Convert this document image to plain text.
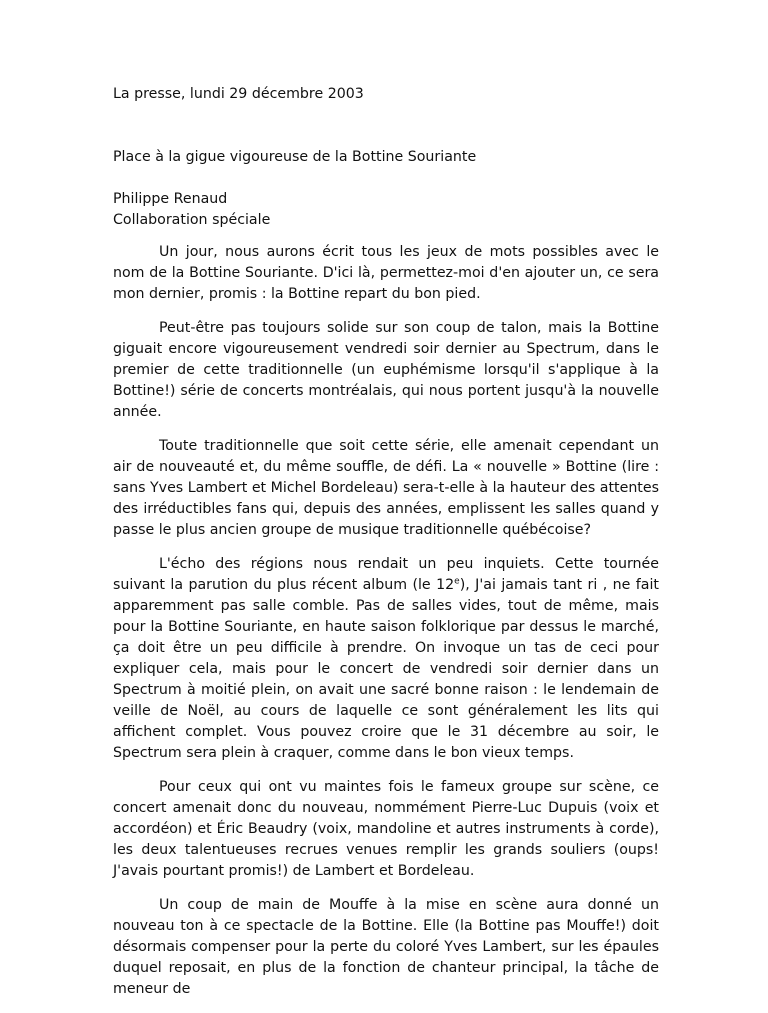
La presse, lundi 29 décembre 2003

Place à la gigue vigoureuse de la Bottine Souriante

Philippe Renaud

Collaboration spéciale

Un jour, nous aurons écrit tous les jeux de mots possibles avec le nom de la Bottine Souriante. D'ici là, permettez-moi d'en ajouter un, ce sera mon dernier, promis : la Bottine repart du bon pied.

Peut-être pas toujours solide sur son coup de talon, mais la Bottine giguait encore vigoureusement vendredi soir dernier au Spectrum, dans le premier de cette traditionnelle (un euphémisme lorsqu'il s'applique à la Bottine!) série de concerts montréalais, qui nous portent jusqu'à la nouvelle année.

Toute traditionnelle que soit cette série, elle amenait cependant un air de nouveauté et, du même souffle, de défi. La « nouvelle » Bottine (lire : sans Yves Lambert et Michel Bordeleau) sera-t-elle à la hauteur des attentes des irréductibles fans qui, depuis des années, emplissent les salles quand y passe le plus ancien groupe de musique traditionnelle québécoise?

L'écho des régions nous rendait un peu inquiets. Cette tournée suivant la parution du plus récent album (le 12e), J'ai jamais tant ri , ne fait apparemment pas salle comble. Pas de salles vides, tout de même, mais pour la Bottine Souriante, en haute saison folklorique par dessus le marché, ça doit être un peu difficile à prendre. On invoque un tas de ceci pour expliquer cela, mais pour le concert de vendredi soir dernier dans un Spectrum à moitié plein, on avait une sacré bonne raison : le lendemain de veille de Noël, au cours de laquelle ce sont généralement les lits qui affichent complet. Vous pouvez croire que le 31 décembre au soir, le Spectrum sera plein à craquer, comme dans le bon vieux temps.

Pour ceux qui ont vu maintes fois le fameux groupe sur scène, ce concert amenait donc du nouveau, nommément Pierre-Luc Dupuis (voix et accordéon) et Éric Beaudry (voix, mandoline et autres instruments à corde), les deux talentueuses recrues venues remplir les grands souliers (oups! J'avais pourtant promis!) de Lambert et Bordeleau.

Un coup de main de Mouffe à la mise en scène aura donné un nouveau ton à ce spectacle de la Bottine. Elle (la Bottine pas Mouffe!) doit désormais compenser pour la perte du coloré Yves Lambert, sur les épaules duquel reposait, en plus de la fonction de chanteur principal, la tâche de meneur de
